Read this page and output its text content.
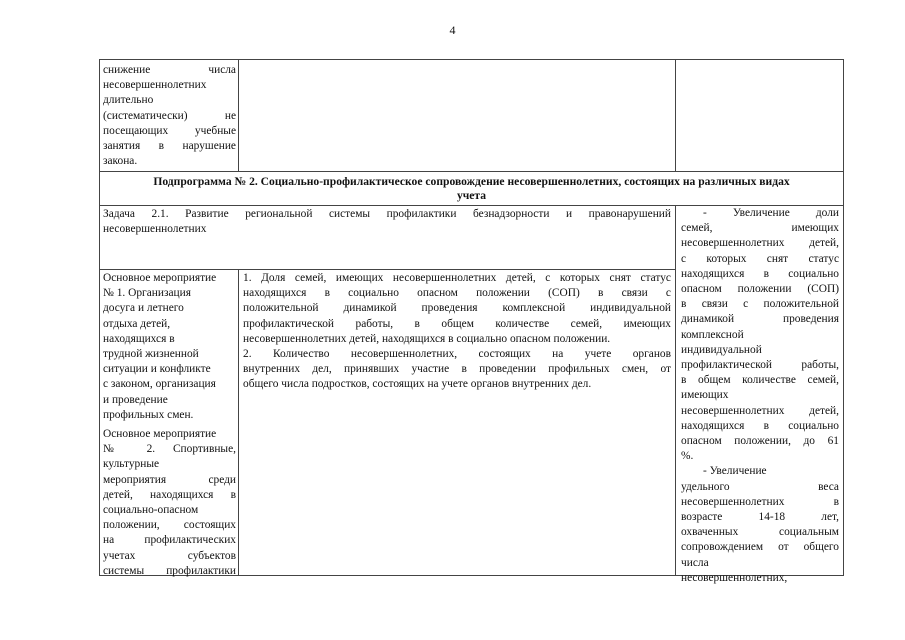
4
снижение числа
несовершеннолетних
длительно
(систематически) не
посещающих учебные
занятия в нарушение
закона.
Подпрограмма № 2. Социально-профилактическое сопровождение несовершеннолетних, состоящих на различных видах
учета
Задача 2.1. Развитие региональной системы профилактики безнадзорности и правонарушений
несовершеннолетних
Основное мероприятие
№ 1. Организация
досуга и летнего
отдыха детей,
находящихся в
трудной жизненной
ситуации и конфликте
с законом, организация
и проведение
профильных смен.
Основное мероприятие
№ 2. Спортивные,
культурные
мероприятия среди
детей, находящихся в
социально-опасном
положении, состоящих
на профилактических
учетах субъектов
системы профилактики
1. Доля семей, имеющих несовершеннолетних детей, с которых снят статус
находящихся в социально опасном положении (СОП) в связи с
положительной динамикой проведения комплексной индивидуальной
профилактической работы, в общем количестве семей, имеющих
несовершеннолетних детей, находящихся в социально опасном положении.
2. Количество несовершеннолетних, состоящих на учете органов
внутренних дел, принявших участие в проведении профильных смен, от
общего числа подростков, состоящих на учете органов внутренних дел.
- Увеличение доли
семей, имеющих
несовершеннолетних детей,
с которых снят статус
находящихся в социально
опасном положении (СОП)
в связи с положительной
динамикой проведения
комплексной
индивидуальной
профилактической работы,
в общем количестве семей,
имеющих
несовершеннолетних детей,
находящихся в социально
опасном положении, до 61
%.
- Увеличение
удельного веса
несовершеннолетних в
возрасте 14-18 лет,
охваченных социальным
сопровождением от общего
числа
несовершеннолетних,
